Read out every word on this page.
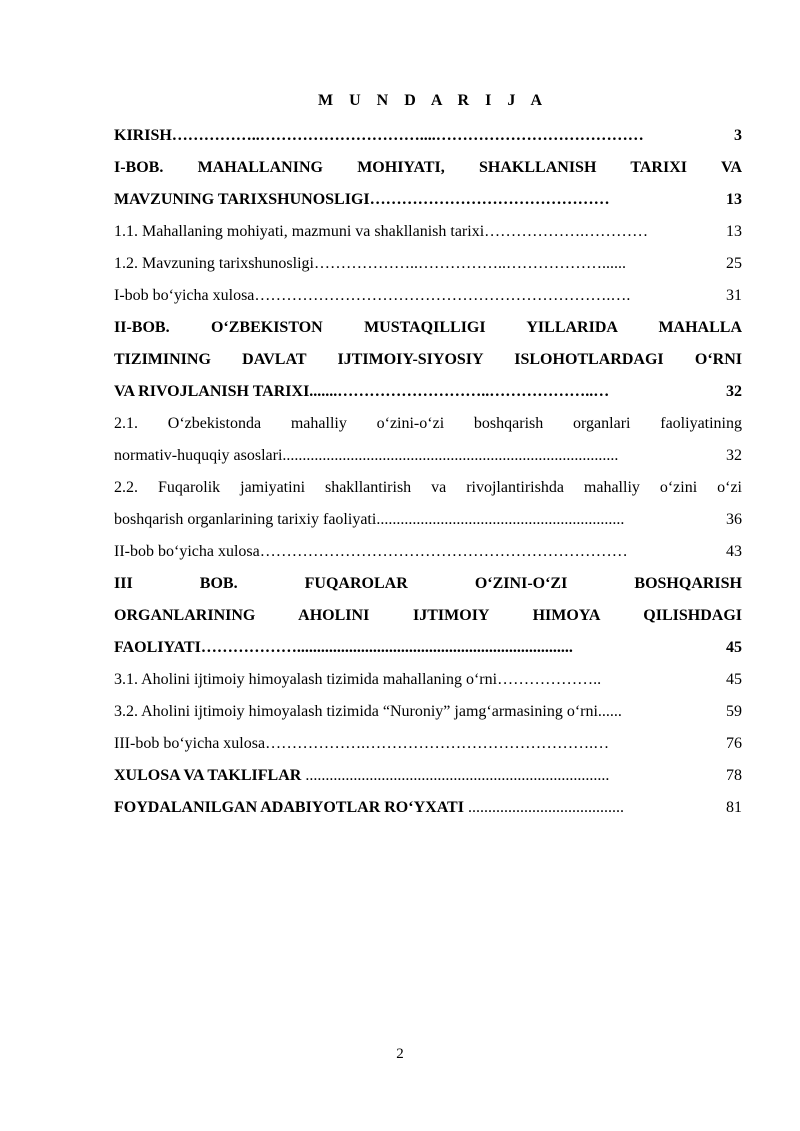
M U N D A R I J A
KIRISH ……………..…………………………....…………………………………	3
I-BOB. MAHALLANING MOHIYATI, SHAKLLANISH TARIXI VA
MAVZUNING TARIXSHUNOSLIGI ………………………………………	13
1.1. Mahallaning mohiyati, mazmuni va shakllanish tarixi ……………….…………	13
1.2. Mavzuning tarixshunosligi ………………..……………..………………......	25
I-bob bo‘yicha xulosa ………………………………………………………….….	31
II-BOB. O‘ZBEKISTON MUSTAQILLIGI YILLARIDA MAHALLA
TIZIMINING DAVLAT IJTIMOIY-SIYOSIY ISLOHOTLARDAGI O‘RNI
VA RIVOJLANISH TARIXI .......………………………..………………..…	32
2.1. O‘zbekistonda mahalliy o‘zini-o‘zi boshqarish organlari faoliyatining
normativ-huquqiy asoslari ....................................................................................	32
2.2. Fuqarolik jamiyatini shakllantirish va rivojlantirishda mahalliy o‘zini o‘zi
boshqarish organlarining tarixiy faoliyati ..............................................................	36
II-bob bo‘yicha xulosa ……………………………………………………………	43
III BOB. FUQAROLAR O‘ZINI-O‘ZI BOSHQARISH
ORGANLARINING AHOLINI IJTIMOIY HIMOYA QILISHDAGI
FAOLIYATI ……………….....................................................................	45
3.1. Aholini ijtimoiy himoyalash tizimida mahallaning o‘rni ………………..	45
3.2. Aholini ijtimoiy himoyalash tizimida “Nuroniy” jamg‘armasining o‘rni ......	59
III-bob bo‘yicha xulosa ……………….…………………………………….…	76
XULOSA VA TAKLIFLAR ............................................................................	78
FOYDALANILGAN ADABIYOTLAR RO‘YXATI .......................................	81
2
